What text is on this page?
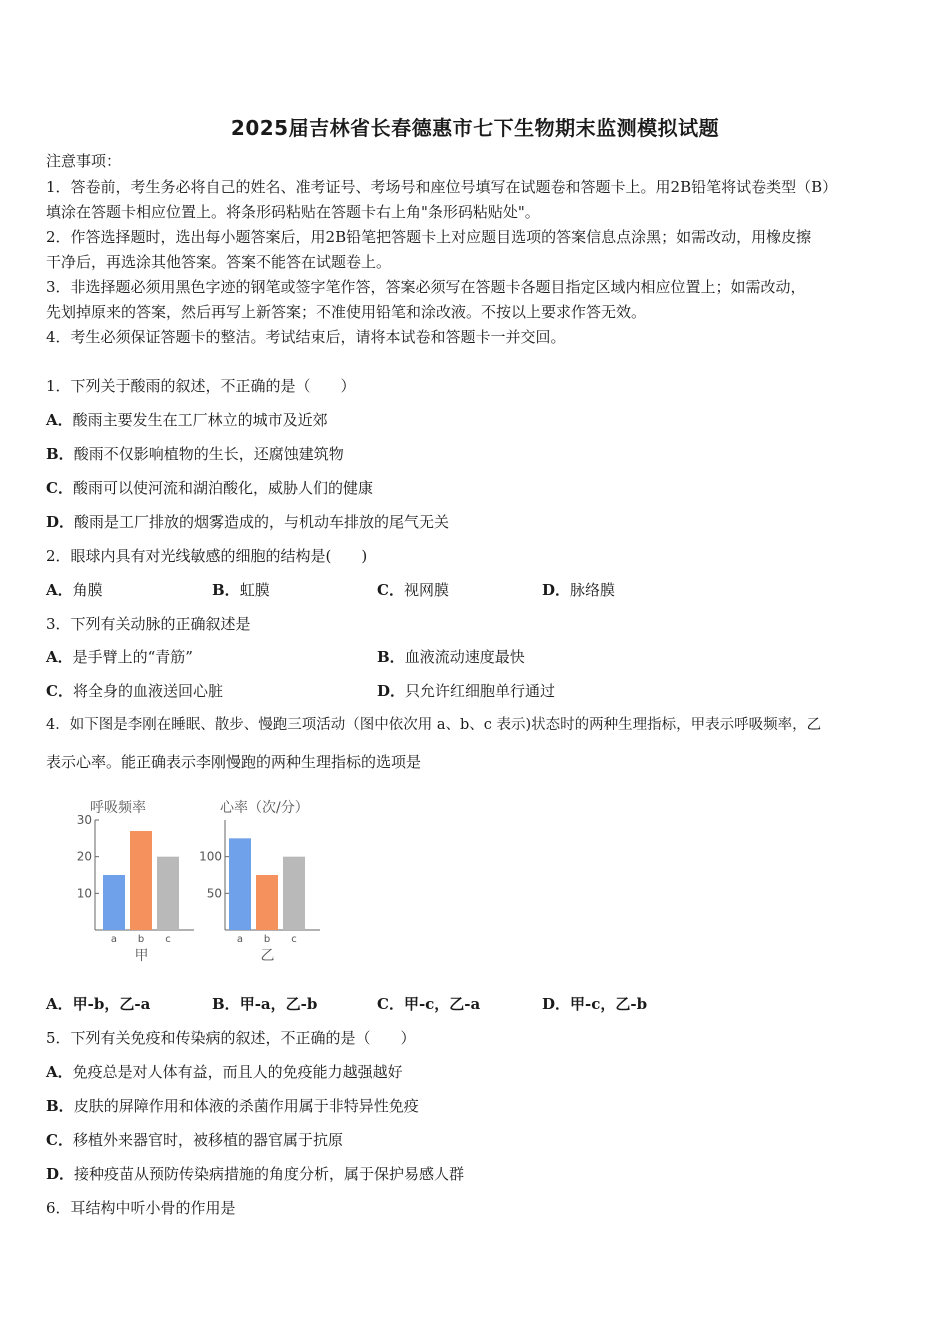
2025届吉林省长春德惠市七下生物期末监测模拟试题
注意事项：
1．答卷前，考生务必将自己的姓名、准考证号、考场号和座位号填写在试题卷和答题卡上。用2B铅笔将试卷类型（B）
填涂在答题卡相应位置上。将条形码粘贴在答题卡右上角"条形码粘贴处"。
2．作答选择题时，选出每小题答案后，用2B铅笔把答题卡上对应题目选项的答案信息点涂黑；如需改动，用橡皮擦
干净后，再选涂其他答案。答案不能答在试题卷上。
3．非选择题必须用黑色字迹的钢笔或签字笔作答，答案必须写在答题卡各题目指定区域内相应位置上；如需改动，
先划掉原来的答案，然后再写上新答案；不准使用铅笔和涂改液。不按以上要求作答无效。
4．考生必须保证答题卡的整洁。考试结束后，请将本试卷和答题卡一并交回。
1．下列关于酸雨的叙述，不正确的是（　　）
A．酸雨主要发生在工厂林立的城市及近郊
B．酸雨不仅影响植物的生长，还腐蚀建筑物
C．酸雨可以使河流和湖泊酸化，威胁人们的健康
D．酸雨是工厂排放的烟雾造成的，与机动车排放的尾气无关
2．眼球内具有对光线敏感的细胞的结构是(　　)
A．角膜	B．虹膜	C．视网膜	D．脉络膜
3．下列有关动脉的正确叙述是
A．是手臂上的“青筋”	B．血液流动速度最快
C．将全身的血液送回心脏	D．只允许红细胞单行通过
4．如下图是李刚在睡眠、散步、慢跑三项活动（图中依次用 a、b、c 表示)状态时的两种生理指标，甲表示呼吸频率，乙
表示心率。能正确表示李刚慢跑的两种生理指标的选项是
呼吸频率
10
20
30
a b c
甲
心率（次/分）
50
100
a b c
乙
A．甲-b，乙-a	B．甲-a，乙-b	C．甲-c，乙-a	D．甲-c，乙-b
5．下列有关免疫和传染病的叙述，不正确的是（　　）
A．免疫总是对人体有益，而且人的免疫能力越强越好
B．皮肤的屏障作用和体液的杀菌作用属于非特异性免疫
C．移植外来器官时，被移植的器官属于抗原
D．接种疫苗从预防传染病措施的角度分析，属于保护易感人群
6．耳结构中听小骨的作用是
